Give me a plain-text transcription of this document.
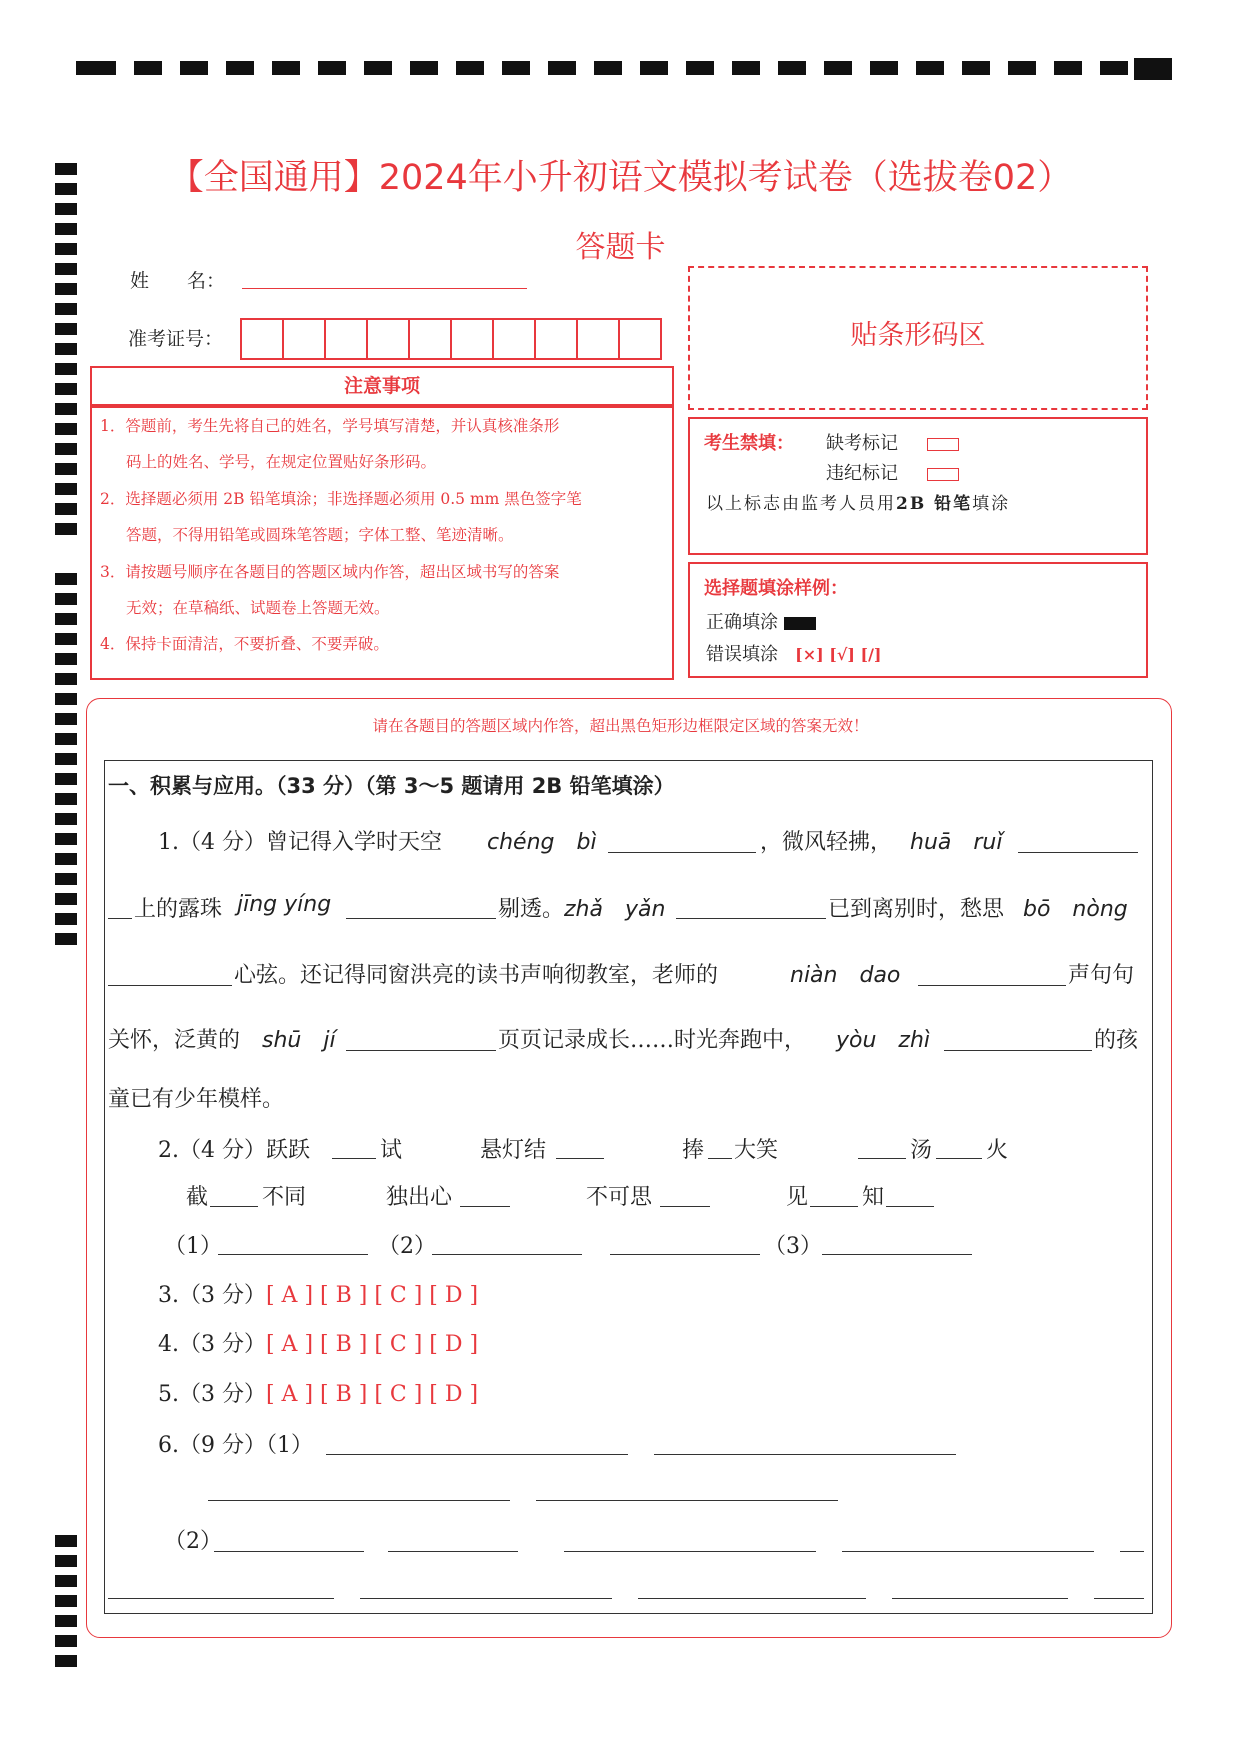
【全国通用】2024年小升初语文模拟考试卷（选拔卷02）
答题卡
姓　　名：
准考证号：	贴条形码区
注意事项

1．答题前，考生先将自己的姓名，学号填写清楚，并认真核准条形

码上的姓名、学号，在规定位置贴好条形码。

2．选择题必须用 2B 铅笔填涂；非选择题必须用 0.5 mm 黑色签字笔

答题，不得用铅笔或圆珠笔答题；字体工整、笔迹清晰。

3．请按题号顺序在各题目的答题区域内作答，超出区域书写的答案

无效；在草稿纸、试题卷上答题无效。

4．保持卡面清洁，不要折叠、不要弄破。

考生禁填： 缺考标记
违纪标记
以上标志由监考人员用2B 铅笔填涂
选择题填涂样例：
正确填涂
错误填涂 [×] [√] [/]
请在各题目的答题区域内作答，超出黑色矩形边框限定区域的答案无效！
一、积累与应用。（33 分）（第 3～5 题请用 2B 铅笔填涂）
1.（4 分）曾记得入学时天空 chéng　bì	，微风轻拂， huā　ruǐ
上的露珠 jīng yíng	剔透。 zhǎ　yǎn	已到离别时，愁思 bō　nòng
心弦。还记得同窗洪亮的读书声响彻教室，老师的	niàn　dao	声句句
关怀，泛黄的 shū　jí	页页记录成长……时光奔跑中， yòu　zhì	的孩
童已有少年模样。
2.（4 分）跃跃	试	悬灯结	捧 大笑	汤 火
截 不同	独出心	不可思	见 知
（1）	（2）	（3）
3.（3 分）[ A ] [ B ] [ C ] [ D ]
4.（3 分）[ A ] [ B ] [ C ] [ D ]
5.（3 分）[ A ] [ B ] [ C ] [ D ]
6.（9 分）（1）
（2）
